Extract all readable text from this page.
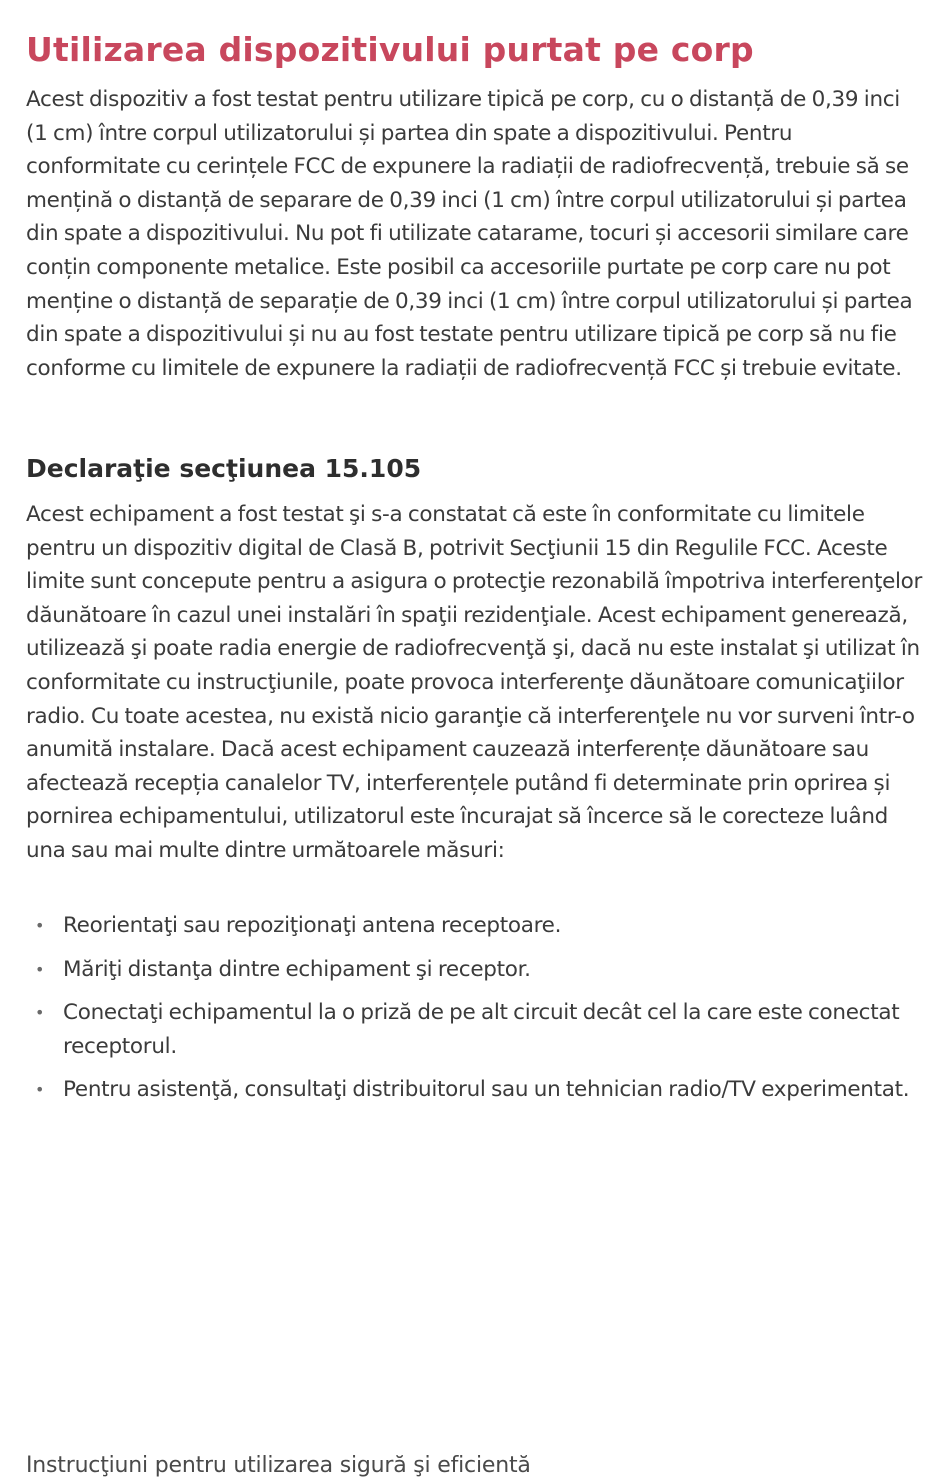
Utilizarea dispozitivului purtat pe corp

Acest dispozitiv a fost testat pentru utilizare tipică pe corp, cu o distanță de 0,39 inci (1 cm) între corpul utilizatorului și partea din spate a dispozitivului. Pentru conformitate cu cerințele FCC de expunere la radiații de radiofrecvență, trebuie să se mențină o distanță de separare de 0,39 inci (1 cm) între corpul utilizatorului și partea din spate a dispozitivului. Nu pot fi utilizate catarame, tocuri și accesorii similare care conțin componente metalice. Este posibil ca accesoriile purtate pe corp care nu pot menține o distanță de separație de 0,39 inci (1 cm) între corpul utilizatorului și partea din spate a dispozitivului și nu au fost testate pentru utilizare tipică pe corp să nu fie conforme cu limitele de expunere la radiații de radiofrecvență FCC și trebuie evitate.

Declaraţie secţiunea 15.105

Acest echipament a fost testat şi s-a constatat că este în conformitate cu limitele pentru un dispozitiv digital de Clasă B, potrivit Secţiunii 15 din Regulile FCC. Aceste limite sunt concepute pentru a asigura o protecţie rezonabilă împotriva interferenţelor dăunătoare în cazul unei instalări în spaţii rezidenţiale. Acest echipament generează, utilizează şi poate radia energie de radiofrecvenţă şi, dacă nu este instalat şi utilizat în conformitate cu instrucţiunile, poate provoca interferenţe dăunătoare comunicaţiilor radio. Cu toate acestea, nu există nicio garanţie că interferenţele nu vor surveni într-o anumită instalare. Dacă acest echipament cauzează interferențe dăunătoare sau afectează recepția canalelor TV, interferențele putând fi determinate prin oprirea și pornirea echipamentului, utilizatorul este încurajat să încerce să le corecteze luând una sau mai multe dintre următoarele măsuri:

• Reorientaţi sau repoziţionaţi antena receptoare.
• Măriţi distanţa dintre echipament şi receptor.
• Conectaţi echipamentul la o priză de pe alt circuit decât cel la care este conectat receptorul.
• Pentru asistenţă, consultaţi distribuitorul sau un tehnician radio/TV experimentat.

Instrucţiuni pentru utilizarea sigură şi eficientă
